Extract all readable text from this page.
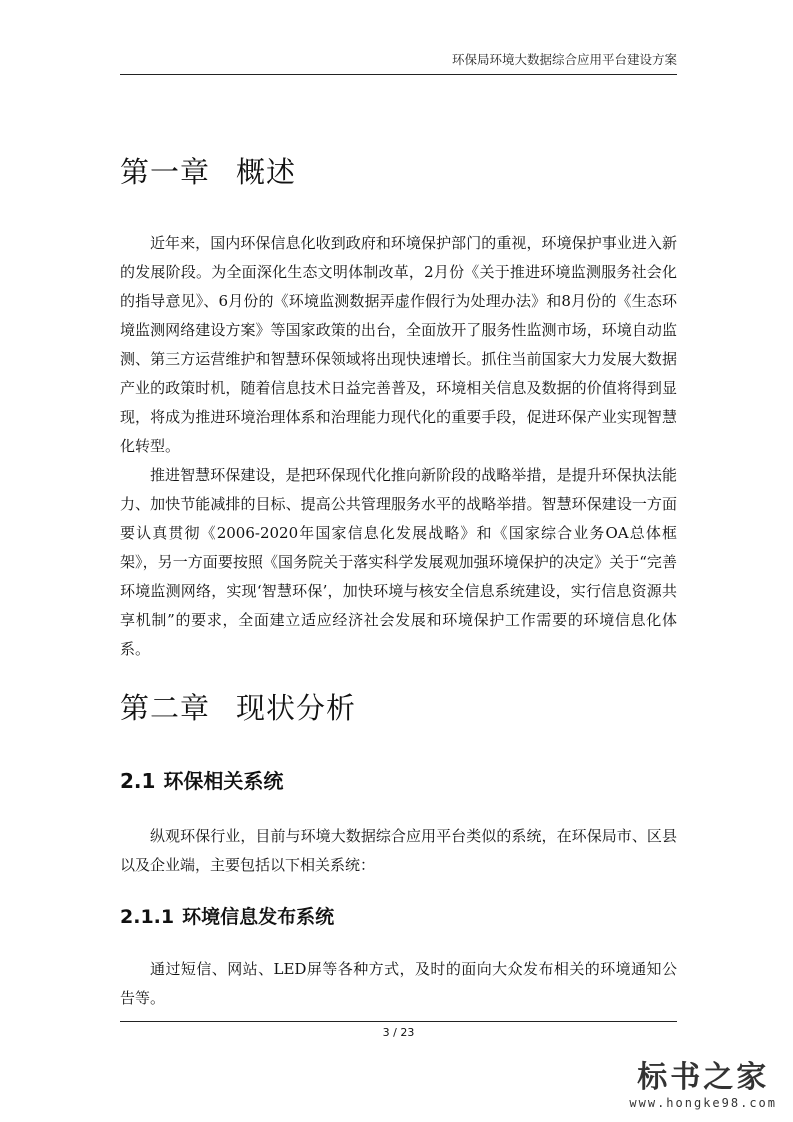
环保局环境大数据综合应用平台建设方案
第一章 概述

近年来，国内环保信息化收到政府和环境保护部门的重视，环境保护事业进入新的发展阶段。为全面深化生态文明体制改革，2月份《关于推进环境监测服务社会化的指导意见》、6月份的《环境监测数据弄虚作假行为处理办法》和8月份的《生态环境监测网络建设方案》等国家政策的出台，全面放开了服务性监测市场，环境自动监测、第三方运营维护和智慧环保领域将出现快速增长。抓住当前国家大力发展大数据产业的政策时机，随着信息技术日益完善普及，环境相关信息及数据的价值将得到显现，将成为推进环境治理体系和治理能力现代化的重要手段，促进环保产业实现智慧化转型。

推进智慧环保建设，是把环保现代化推向新阶段的战略举措，是提升环保执法能力、加快节能减排的目标、提高公共管理服务水平的战略举措。智慧环保建设一方面要认真贯彻《2006-2020年国家信息化发展战略》和《国家综合业务OA总体框架》，另一方面要按照《国务院关于落实科学发展观加强环境保护的决定》关于“完善环境监测网络，实现‘智慧环保’，加快环境与核安全信息系统建设，实行信息资源共享机制”的要求，全面建立适应经济社会发展和环境保护工作需要的环境信息化体系。

第二章 现状分析
2.1 环保相关系统

纵观环保行业，目前与环境大数据综合应用平台类似的系统，在环保局市、区县以及企业端，主要包括以下相关系统：

2.1.1 环境信息发布系统

通过短信、网站、LED屏等各种方式，及时的面向大众发布相关的环境通知公告等。

3 / 23
标书之家
www.hongke98.com
